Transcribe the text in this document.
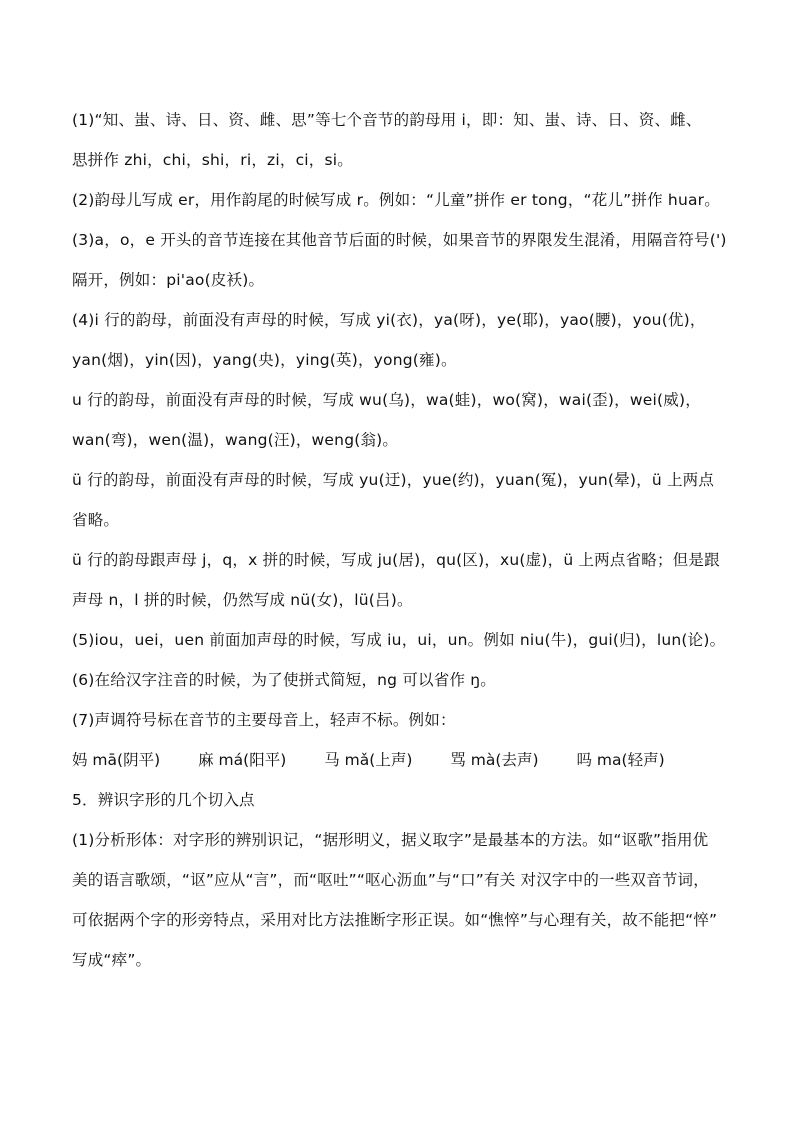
(1)“知、蚩、诗、日、资、雌、思”等七个音节的韵母用 i，即：知、蚩、诗、日、资、雌、
思拼作 zhi，chi，shi，ri，zi，ci，si。
(2)韵母儿写成 er，用作韵尾的时候写成 r。例如：“儿童”拼作 er tong，“花儿”拼作 huar。
(3)a，o，e 开头的音节连接在其他音节后面的时候，如果音节的界限发生混淆，用隔音符号(')
隔开，例如：pi'ao(皮袄)。
(4)i 行的韵母，前面没有声母的时候，写成 yi(衣)，ya(呀)，ye(耶)，yao(腰)，you(优)，
yan(烟)，yin(因)，yang(央)，ying(英)，yong(雍)。
u 行的韵母，前面没有声母的时候，写成 wu(乌)，wa(蛙)，wo(窝)，wai(歪)，wei(威)，
wan(弯)，wen(温)，wang(汪)，weng(翁)。
ü 行的韵母，前面没有声母的时候，写成 yu(迂)，yue(约)，yuan(冤)，yun(晕)，ü 上两点
省略。
ü 行的韵母跟声母 j，q，x 拼的时候，写成 ju(居)，qu(区)，xu(虚)，ü 上两点省略；但是跟
声母 n，l 拼的时候，仍然写成 nü(女)，lü(吕)。
(5)iou，uei，uen 前面加声母的时候，写成 iu，ui，un。例如 niu(牛)，gui(归)，lun(论)。
(6)在给汉字注音的时候，为了使拼式简短，ng 可以省作 ŋ。
(7)声调符号标在音节的主要母音上，轻声不标。例如：
妈 mā(阴平) 麻 má(阳平) 马 mǎ(上声) 骂 mà(去声) 吗 ma(轻声)
5．辨识字形的几个切入点
(1)分析形体：对字形的辨别识记，“据形明义，据义取字”是最基本的方法。如“讴歌”指用优
美的语言歌颂，“讴”应从“言”，而“呕吐”“呕心沥血”与“口”有关 对汉字中的一些双音节词，
可依据两个字的形旁特点，采用对比方法推断字形正误。如“憔悴”与心理有关，故不能把“悴”
写成“瘁”。
